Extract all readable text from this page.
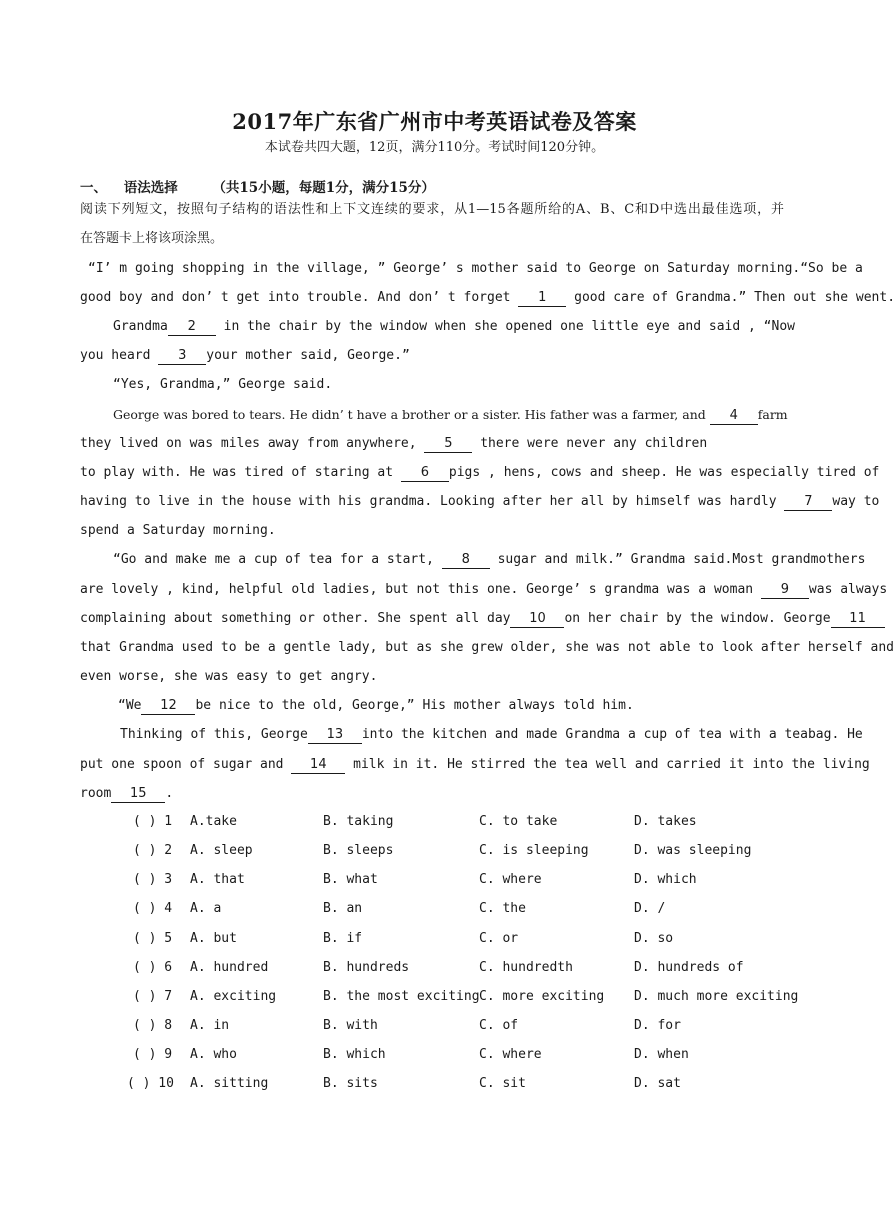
2017年广东省广州市中考英语试卷及答案
本试卷共四大题，12页，满分110分。考试时间120分钟。
一、 语法选择	（共15小题，每题1分，满分15分）
阅读下列短文，按照句子结构的语法性和上下文连续的要求，从1—15各题所给的A、B、C和D中选出最佳选项，并
在答题卡上将该项涂黑。
“I’ m going shopping in the village, ” George’ s mother said to George on Saturday morning.“So be a
good boy and don’ t get into trouble. And don’ t forget 1 good care of Grandma.” Then out she went.
Grandma 2 in the chair by the window when she opened one little eye and said , “Now
you heard 3 your mother said, George.”
“Yes, Grandma,” George said.
George was bored to tears. He didn’ t have a brother or a sister. His father was a farmer, and 4 farm
they lived on was miles away from anywhere, 5 there were never any children
to play with. He was tired of staring at 6 pigs , hens, cows and sheep. He was especially tired of
having to live in the house with his grandma. Looking after her all by himself was hardly 7 way to
spend a Saturday morning.
“Go and make me a cup of tea for a start, 8 sugar and milk.” Grandma said.Most grandmothers
are lovely , kind, helpful old ladies, but not this one. George’ s grandma was a woman 9 was always
complaining about something or other. She spent all day 10 on her chair by the window. George 11
that Grandma used to be a gentle lady, but as she grew older, she was not able to look after herself and
even worse, she was easy to get angry.
“We 12 be nice to the old, George,” His mother always told him.
Thinking of this, George 13 into the kitchen and made Grandma a cup of tea with a teabag. He
put one spoon of sugar and 14 milk in it. He stirred the tea well and carried it into the living
room 15 .
( ) 1 A.take	B. taking	C. to take	D. takes
( ) 2 A. sleep	B. sleeps	C. is sleeping	D. was sleeping
( ) 3 A. that	B. what	C. where	D. which
( ) 4 A. a	B. an	C. the	D. /
( ) 5 A. but	B. if	C. or	D. so
( ) 6 A. hundred	B. hundreds	C. hundredth	D. hundreds of
( ) 7 A. exciting	B. the most exciting C. more exciting D. much more exciting
( ) 8 A. in	B. with	C. of	D. for
( ) 9 A. who	B. which	C. where	D. when
( ) 10 A. sitting	B. sits	C. sit	D. sat
